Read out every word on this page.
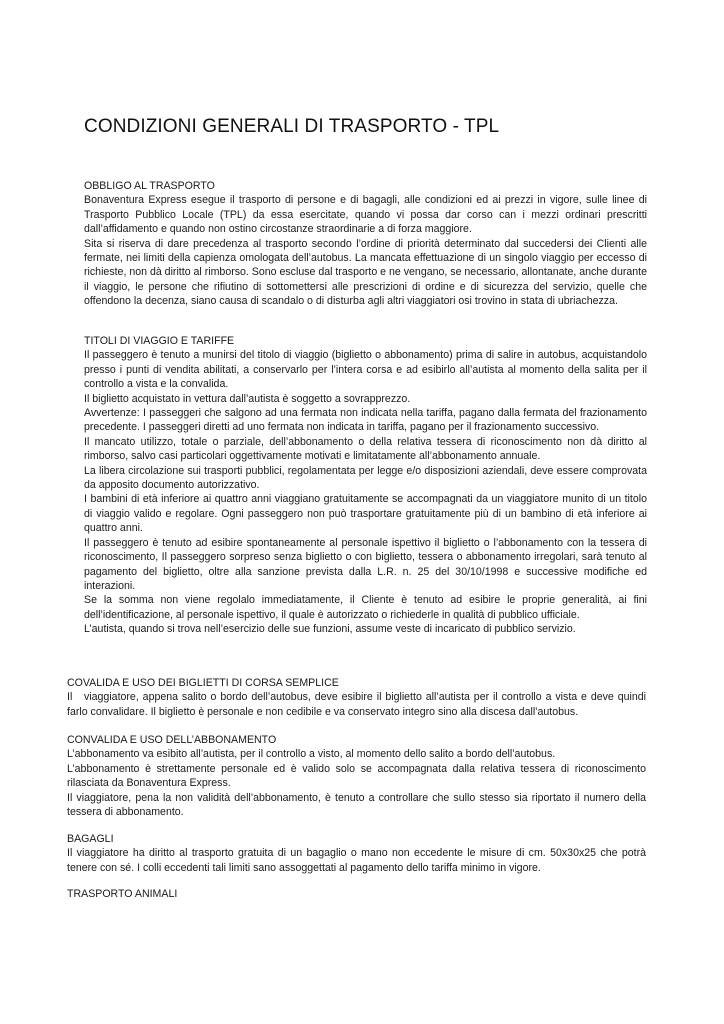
CONDIZIONI GENERALI DI TRASPORTO - TPL
OBBLIGO AL TRASPORTO

Bonaventura Express esegue il trasporto di persone e di bagagli, alle condizioni ed ai prezzi in vigore, sulle linee di Trasporto Pubblico Locale (TPL) da essa esercitate, quando vi possa dar corso can i mezzi ordinari prescritti dall’affidamento e quando non ostino circostanze straordinarie a di forza maggiore.

Sita si riserva di dare precedenza al trasporto secondo l’ordine di priorità determinato dal succedersi dei Clienti alle fermate, nei limiti della capienza omologata dell’autobus. La mancata effettuazione di un singolo viaggio per eccesso di richieste, non dà diritto al rimborso. Sono escluse dal trasporto e ne vengano, se necessario, allontanate, anche durante il viaggio, le persone che rifiutino di sottomettersi alle prescrizioni di ordine e di sicurezza del servizio, quelle che offendono la decenza, siano causa di scandalo o di disturba agli altri viaggiatori osi trovino in stata di ubriachezza.

TITOLI DI VIAGGIO E TARIFFE

Il passeggero è tenuto a munirsi del titolo di viaggio (biglietto o abbonamento) prima di salire in autobus, acquistandolo presso i punti di vendita abilitati, a conservarlo per l’intera corsa e ad esibirlo all’autista al momento della salita per il controllo a vista e la convalida.

Il biglietto acquistato in vettura dall’autista è soggetto a sovrapprezzo.

Avvertenze: I passeggeri che salgono ad una fermata non indicata nella tariffa, pagano dalla fermata del frazionamento precedente. I passeggeri diretti ad uno fermata non indicata in tariffa, pagano per il frazionamento successivo.

Il mancato utilizzo, totale o parziale, dell’abbonamento o della relativa tessera di riconoscimento non dà diritto al rimborso, salvo casi particolari oggettivamente motivati e limitatamente all’abbonamento annuale.

La libera circolazione sui trasporti pubblici, regolamentata per legge e/o disposizioni aziendali, deve essere comprovata da apposito documento autorizzativo.

I bambini di età inferiore ai quattro anni viaggiano gratuitamente se accompagnati da un viaggiatore munito di un titolo di viaggio valido e regolare. Ogni passeggero non può trasportare gratuitamente più di un bambino di età inferiore ai quattro anni.

Il passeggero è tenuto ad esibire spontaneamente al personale ispettivo il biglietto o l’abbonamento con la tessera di riconoscimento, Il passeggero sorpreso senza biglietto o con biglietto, tessera o abbonamento irregolari, sarà tenuto al pagamento del biglietto, oltre alla sanzione prevista dalla L.R. n. 25 del 30/10/1998 e successive modifiche ed interazioni.

Se la somma non viene regolalo immediatamente, il Cliente è tenuto ad esibire le proprie generalità, ai fini dell’identificazione, al personale ispettivo, il quale è autorizzato o richiederle in qualità di pubblico ufficiale.

L’autista, quando si trova nell’esercizio delle sue funzioni, assume veste di incaricato di pubblico servizio.

COVALIDA E USO DEI BIGLIETTI DI CORSA SEMPLICE

Il   viaggiatore, appena salito o bordo dell’autobus, deve esibire il biglietto all’autista per il controllo a vista e deve quindi farlo convalidare. Il biglietto è personale e non cedibile e va conservato integro sino alla discesa dall’autobus.

CONVALIDA E USO DELL’ABBONAMENTO

L’abbonamento va esibito all’autista, per il controllo a visto, al momento dello salito a bordo dell’autobus.

L’abbonamento è strettamente personale ed è valido solo se accompagnata dalla relativa tessera di riconoscimento rilasciata da Bonaventura Express.

Il viaggiatore, pena la non validità dell’abbonamento, è tenuto a controllare che sullo stesso sia riportato il numero della tessera di abbonamento.

BAGAGLI

Il viaggiatore ha diritto al trasporto gratuita di un bagaglio o mano non eccedente le misure di cm. 50x30x25 che potrà tenere con sé. I colli eccedenti tali limiti sano assoggettati al pagamento dello tariffa minimo in vigore.

TRASPORTO ANIMALI
